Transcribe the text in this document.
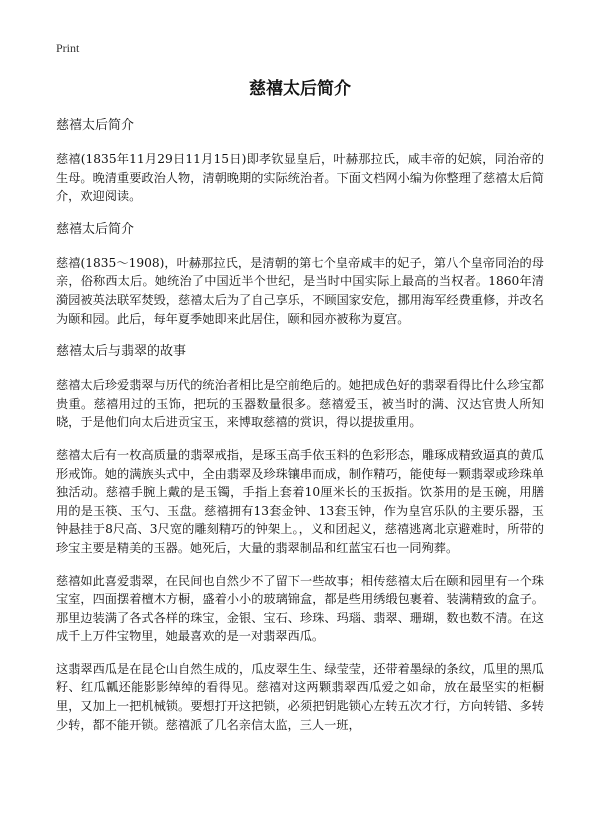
Print
慈禧太后简介
慈禧太后简介
慈禧(1835年11月29日11月15日)即孝钦显皇后，叶赫那拉氏，咸丰帝的妃嫔，同治帝的生母。晚清重要政治人物，清朝晚期的实际统治者。下面文档网小编为你整理了慈禧太后简介，欢迎阅读。
慈禧太后简介
慈禧(1835～1908)，叶赫那拉氏，是清朝的第七个皇帝咸丰的妃子，第八个皇帝同治的母亲，俗称西太后。她统治了中国近半个世纪，是当时中国实际上最高的当权者。1860年清漪园被英法联军焚毁，慈禧太后为了自己享乐，不顾国家安危，挪用海军经费重修，并改名为颐和园。此后，每年夏季她即来此居住，颐和园亦被称为夏宫。
慈禧太后与翡翠的故事
慈禧太后珍爱翡翠与历代的统治者相比是空前绝后的。她把成色好的翡翠看得比什么珍宝都贵重。慈禧用过的玉饰，把玩的玉器数量很多。慈禧爱玉，被当时的满、汉达官贵人所知晓，于是他们向太后进贡宝玉，来博取慈禧的赏识，得以提拔重用。
慈禧太后有一枚高质量的翡翠戒指，是琢玉高手依玉料的色彩形态，雕琢成精致逼真的黄瓜形戒饰。她的满族头式中，全由翡翠及珍珠镶串而成，制作精巧，能使每一颗翡翠或珍珠单独活动。慈禧手腕上戴的是玉镯，手指上套着10厘米长的玉扳指。饮茶用的是玉碗，用膳用的是玉筷、玉勺、玉盘。慈禧拥有13套金钟、13套玉钟，作为皇宫乐队的主要乐器，玉钟悬挂于8尺高、3尺宽的雕刻精巧的钟架上。，义和团起义，慈禧逃离北京避难时，所带的珍宝主要是精美的玉器。她死后，大量的翡翠制品和红蓝宝石也一同殉葬。
慈禧如此喜爱翡翠，在民间也自然少不了留下一些故事；相传慈禧太后在颐和园里有一个珠宝室，四面摆着檀木方橱，盛着小小的玻璃锦盒，都是些用绣缎包裹着、装满精致的盒子。那里边装满了各式各样的珠宝，金银、宝石、珍珠、玛瑙、翡翠、珊瑚，数也数不清。在这成千上万件宝物里，她最喜欢的是一对翡翠西瓜。
这翡翠西瓜是在昆仑山自然生成的，瓜皮翠生生、绿莹莹，还带着墨绿的条纹，瓜里的黑瓜籽、红瓜瓤还能影影绰绰的看得见。慈禧对这两颗翡翠西瓜爱之如命，放在最坚实的柜橱里，又加上一把机械锁。要想打开这把锁，必须把钥匙锁心左转五次才行，方向转错、多转少转，都不能开锁。慈禧派了几名亲信太监，三人一班，
